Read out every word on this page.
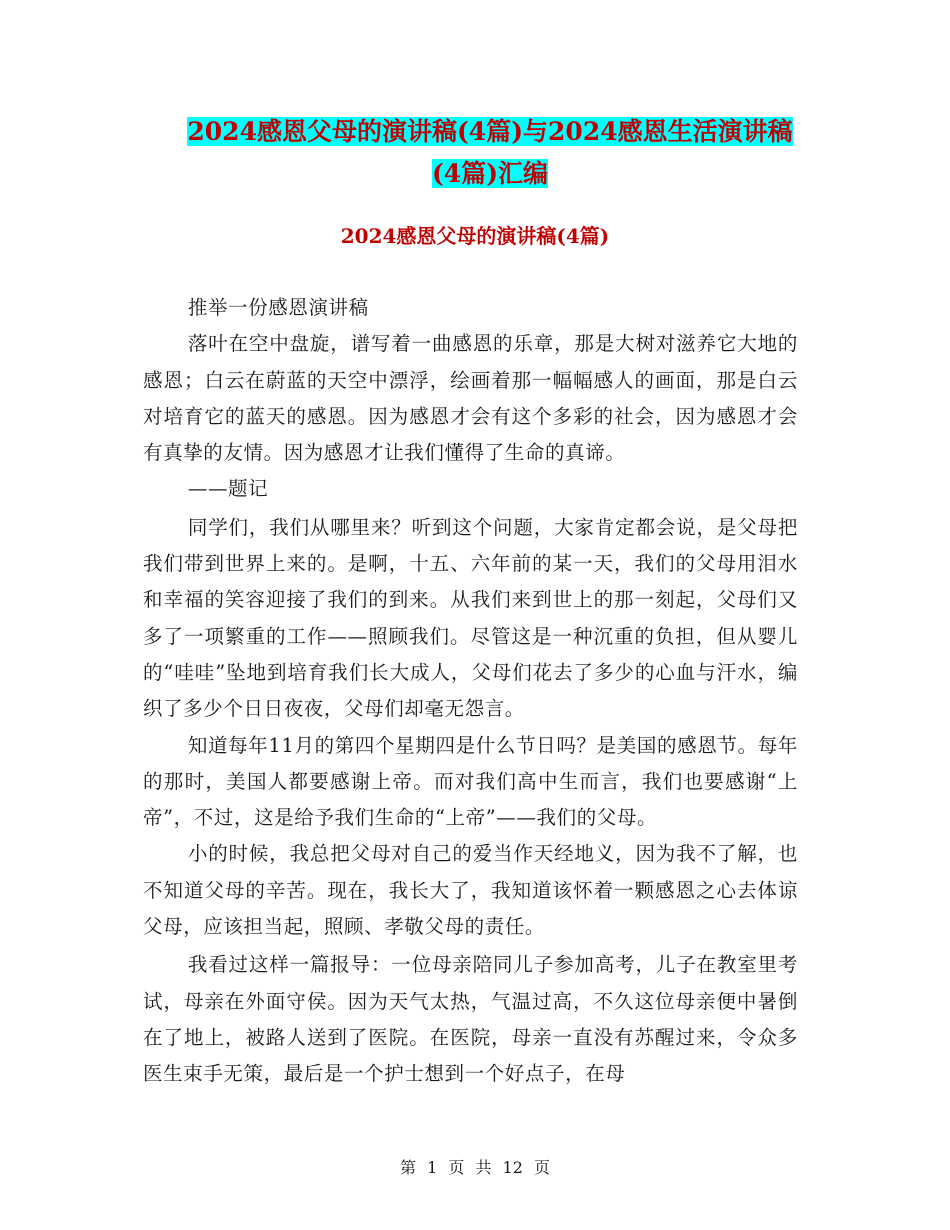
2024感恩父母的演讲稿(4篇)与2024感恩生活演讲稿
(4篇)汇编
2024感恩父母的演讲稿(4篇)

推举一份感恩演讲稿

落叶在空中盘旋，谱写着一曲感恩的乐章，那是大树对滋养它大地的感恩；白云在蔚蓝的天空中漂浮，绘画着那一幅幅感人的画面，那是白云对培育它的蓝天的感恩。因为感恩才会有这个多彩的社会，因为感恩才会有真挚的友情。因为感恩才让我们懂得了生命的真谛。

——题记

同学们，我们从哪里来？听到这个问题，大家肯定都会说，是父母把我们带到世界上来的。是啊，十五、六年前的某一天，我们的父母用泪水和幸福的笑容迎接了我们的到来。从我们来到世上的那一刻起，父母们又多了一项繁重的工作——照顾我们。尽管这是一种沉重的负担，但从婴儿的“哇哇”坠地到培育我们长大成人，父母们花去了多少的心血与汗水，编织了多少个日日夜夜，父母们却毫无怨言。

知道每年11月的第四个星期四是什么节日吗？是美国的感恩节。每年的那时，美国人都要感谢上帝。而对我们高中生而言，我们也要感谢“上帝”，不过，这是给予我们生命的“上帝”——我们的父母。

小的时候，我总把父母对自己的爱当作天经地义，因为我不了解，也不知道父母的辛苦。现在，我长大了，我知道该怀着一颗感恩之心去体谅父母，应该担当起，照顾、孝敬父母的责任。

我看过这样一篇报导：一位母亲陪同儿子参加高考，儿子在教室里考试，母亲在外面守侯。因为天气太热，气温过高，不久这位母亲便中暑倒在了地上，被路人送到了医院。在医院，母亲一直没有苏醒过来，令众多医生束手无策，最后是一个护士想到一个好点子，在母

第 1 页 共 12 页
